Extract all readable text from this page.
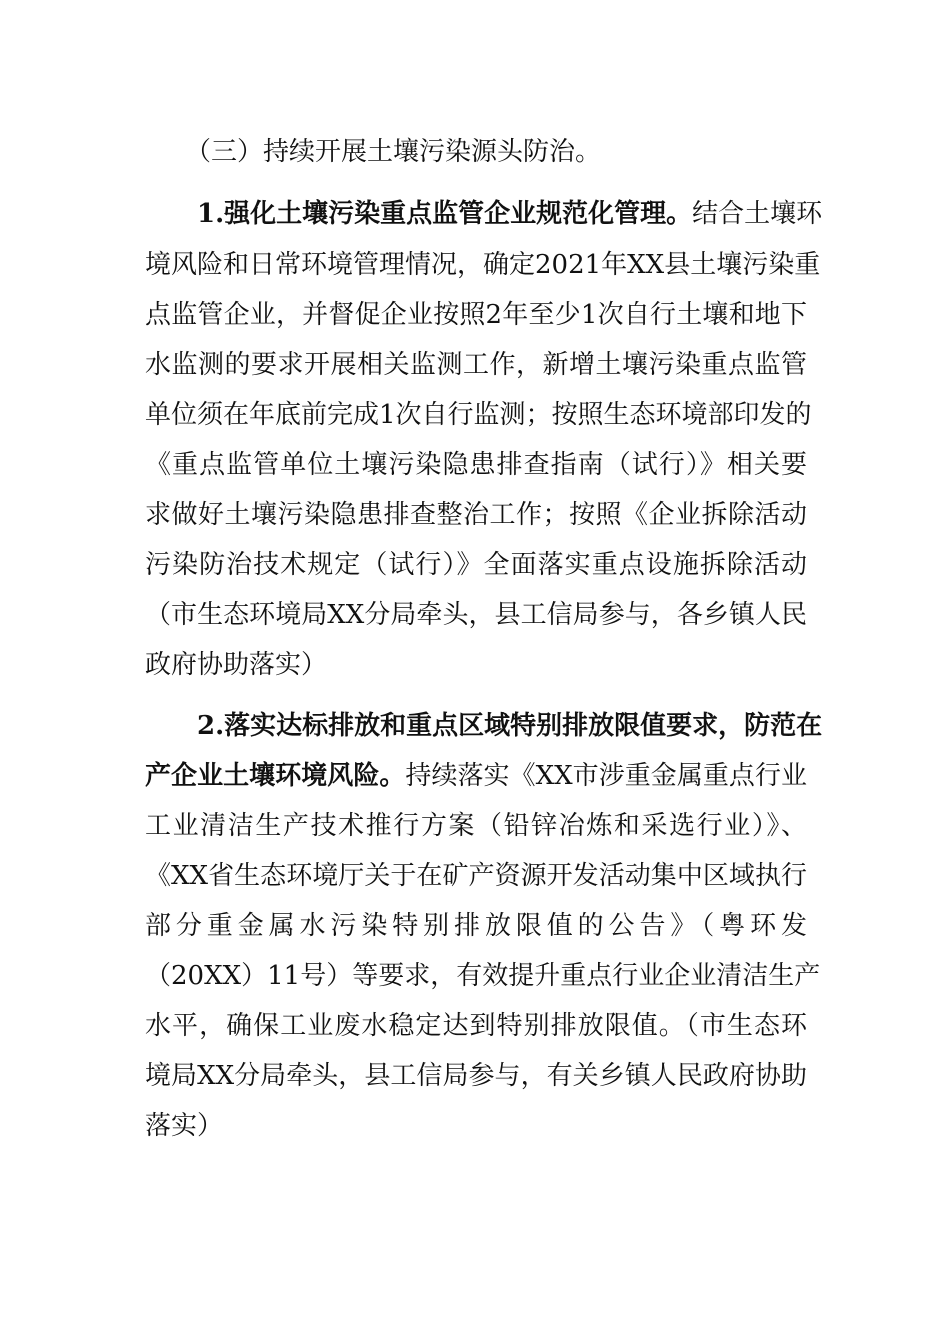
（三）持续开展土壤污染源头防治。
1.强化土壤污染重点监管企业规范化管理。结合土壤环
境风险和日常环境管理情况，确定2021年XX县土壤污染重
点监管企业，并督促企业按照2年至少1次自行土壤和地下
水监测的要求开展相关监测工作，新增土壤污染重点监管
单位须在年底前完成1次自行监测；按照生态环境部印发的
《重点监管单位土壤污染隐患排查指南（试行）》相关要
求做好土壤污染隐患排查整治工作；按照《企业拆除活动
污染防治技术规定（试行）》全面落实重点设施拆除活动
（市生态环境局XX分局牵头，县工信局参与，各乡镇人民
政府协助落实）
2.落实达标排放和重点区域特别排放限值要求，防范在
产企业土壤环境风险。持续落实《XX市涉重金属重点行业
工业清洁生产技术推行方案（铅锌冶炼和采选行业）》、
《XX省生态环境厅关于在矿产资源开发活动集中区域执行
部分重金属水污染特别排放限值的公告》（粤环发
（20XX）11号）等要求，有效提升重点行业企业清洁生产
水平，确保工业废水稳定达到特别排放限值。（市生态环
境局XX分局牵头，县工信局参与，有关乡镇人民政府协助
落实）
